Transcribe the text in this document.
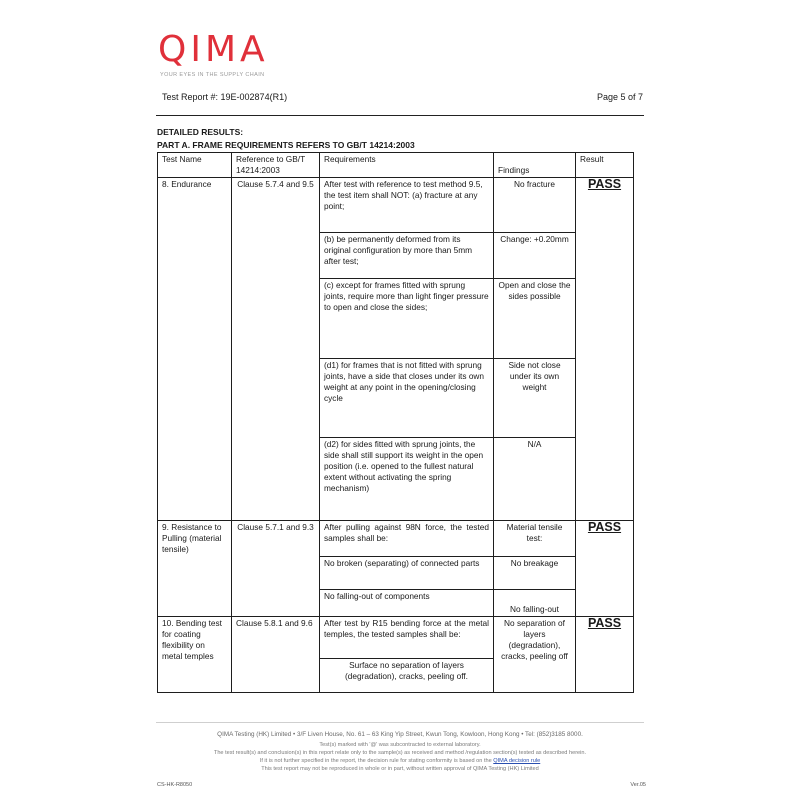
QIMA
YOUR EYES IN THE SUPPLY CHAIN
Test Report #: 19E-002874(R1)	Page 5 of 7
DETAILED RESULTS:
PART A. FRAME REQUIREMENTS REFERS TO GB/T 14214:2003
Test Name	Reference to GB/T 14214:2003	Requirements	Findings	Result
8. Endurance	Clause 5.7.4 and 9.5	After test with reference to test method 9.5, the test item shall NOT: (a) fracture at any point;	No fracture	PASS
		(b) be permanently deformed from its original configuration by more than 5mm after test;	Change: +0.20mm	
		(c) except for frames fitted with sprung joints, require more than light finger pressure to open and close the sides;	Open and close the sides possible	
		(d1) for frames that is not fitted with sprung joints, have a side that closes under its own weight at any point in the opening/closing cycle	Side not close under its own weight	
		(d2) for sides fitted with sprung joints, the side shall still support its weight in the open position (i.e. opened to the fullest natural extent without activating the spring mechanism)	N/A	
9. Resistance to Pulling (material tensile)	Clause 5.7.1 and 9.3	After pulling against 98N force, the tested samples shall be:	Material tensile test:	PASS
		No broken (separating) of connected parts	No breakage	
		No falling-out of components	No falling-out	
10. Bending test for coating flexibility on metal temples	Clause 5.8.1 and 9.6	After test by R15 bending force at the metal temples, the tested samples shall be:	No separation of layers (degradation), cracks, peeling off	PASS
		Surface no separation of layers (degradation), cracks, peeling off.		
QIMA Testing (HK) Limited • 3/F Liven House, No. 61 – 63 King Yip Street, Kwun Tong, Kowloon, Hong Kong • Tel: (852)3185 8000.
Test(s) marked with '@' was subcontracted to external laboratory.
The test result(s) and conclusion(s) in this report relate only to the sample(s) as received and method /regulation section(s) tested as described herein.
If it is not further specified in the report, the decision rule for stating conformity is based on the QIMA decision rule
This test report may not be reproduced in whole or in part, without written approval of QIMA Testing (HK) Limited
CS-HK-R8050	Ver.05
